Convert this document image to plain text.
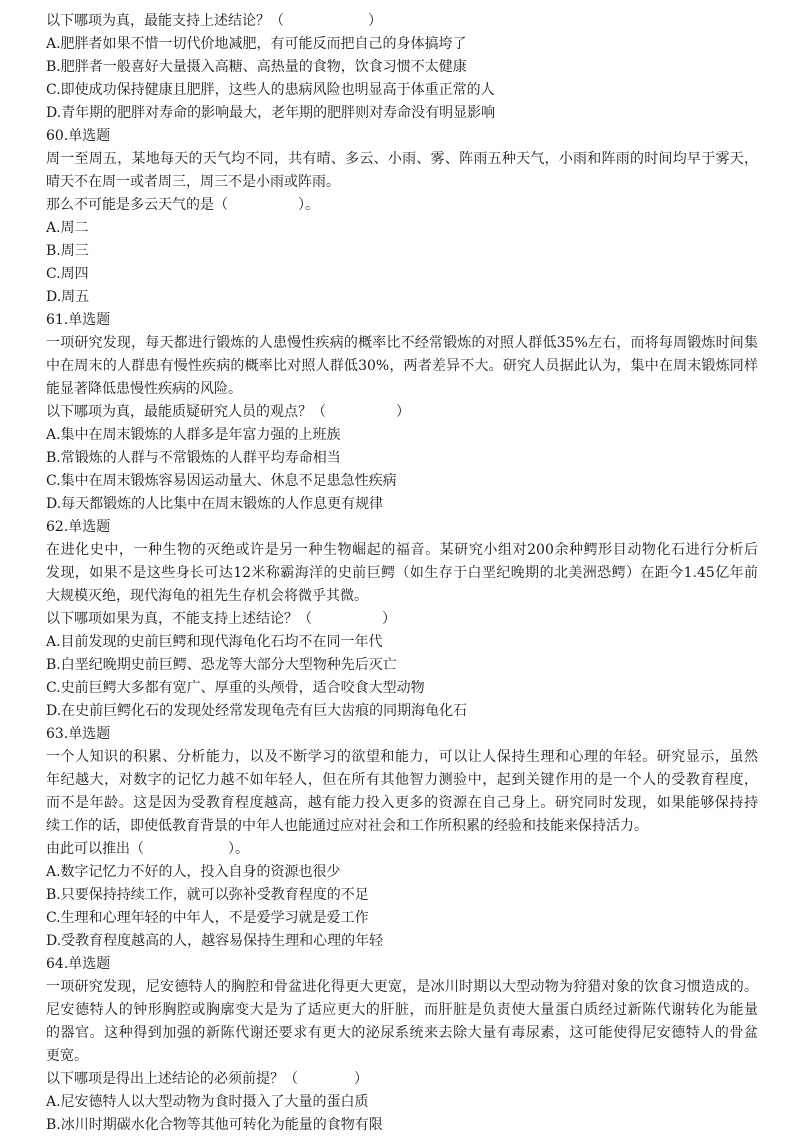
以下哪项为真，最能支持上述结论？（　　　　　　）
A.肥胖者如果不惜一切代价地减肥，有可能反而把自己的身体搞垮了
B.肥胖者一般喜好大量摄入高糖、高热量的食物，饮食习惯不太健康
C.即使成功保持健康且肥胖，这些人的患病风险也明显高于体重正常的人
D.青年期的肥胖对寿命的影响最大，老年期的肥胖则对寿命没有明显影响
60.单选题
周一至周五，某地每天的天气均不同，共有晴、多云、小雨、雾、阵雨五种天气，小雨和阵雨的时间均早于雾天，
晴天不在周一或者周三，周三不是小雨或阵雨。
那么不可能是多云天气的是（　　　　　）。
A.周二
B.周三
C.周四
D.周五
61.单选题
一项研究发现，每天都进行锻炼的人患慢性疾病的概率比不经常锻炼的对照人群低35%左右，而将每周锻炼时间集
中在周末的人群患有慢性疾病的概率比对照人群低30%，两者差异不大。研究人员据此认为，集中在周末锻炼同样
能显著降低患慢性疾病的风险。
以下哪项为真，最能质疑研究人员的观点？（　　　　　）
A.集中在周末锻炼的人群多是年富力强的上班族
B.常锻炼的人群与不常锻炼的人群平均寿命相当
C.集中在周末锻炼容易因运动量大、休息不足患急性疾病
D.每天都锻炼的人比集中在周末锻炼的人作息更有规律
62.单选题
在进化史中，一种生物的灭绝或许是另一种生物崛起的福音。某研究小组对200余种鳄形目动物化石进行分析后
发现，如果不是这些身长可达12米称霸海洋的史前巨鳄（如生存于白垩纪晚期的北美洲恐鳄）在距今1.45亿年前
大规模灭绝，现代海龟的祖先生存机会将微乎其微。
以下哪项如果为真，不能支持上述结论？（　　　　　）
A.目前发现的史前巨鳄和现代海龟化石均不在同一年代
B.白垩纪晚期史前巨鳄、恐龙等大部分大型物种先后灭亡
C.史前巨鳄大多都有宽广、厚重的头颅骨，适合咬食大型动物
D.在史前巨鳄化石的发现处经常发现龟壳有巨大齿痕的同期海龟化石
63.单选题
一个人知识的积累、分析能力，以及不断学习的欲望和能力，可以让人保持生理和心理的年轻。研究显示，虽然
年纪越大，对数字的记忆力越不如年轻人，但在所有其他智力测验中，起到关键作用的是一个人的受教育程度，
而不是年龄。这是因为受教育程度越高，越有能力投入更多的资源在自己身上。研究同时发现，如果能够保持持
续工作的话，即使低教育背景的中年人也能通过应对社会和工作所积累的经验和技能来保持活力。
由此可以推出（　　　　　　）。
A.数字记忆力不好的人，投入自身的资源也很少
B.只要保持持续工作，就可以弥补受教育程度的不足
C.生理和心理年轻的中年人，不是爱学习就是爱工作
D.受教育程度越高的人，越容易保持生理和心理的年轻
64.单选题
一项研究发现，尼安德特人的胸腔和骨盆进化得更大更宽，是冰川时期以大型动物为狩猎对象的饮食习惯造成的。
尼安德特人的钟形胸腔或胸廓变大是为了适应更大的肝脏，而肝脏是负责使大量蛋白质经过新陈代谢转化为能量
的器官。这种得到加强的新陈代谢还要求有更大的泌尿系统来去除大量有毒尿素，这可能使得尼安德特人的骨盆
更宽。
以下哪项是得出上述结论的必须前提？（　　　　）
A.尼安德特人以大型动物为食时摄入了大量的蛋白质
B.冰川时期碳水化合物等其他可转化为能量的食物有限
